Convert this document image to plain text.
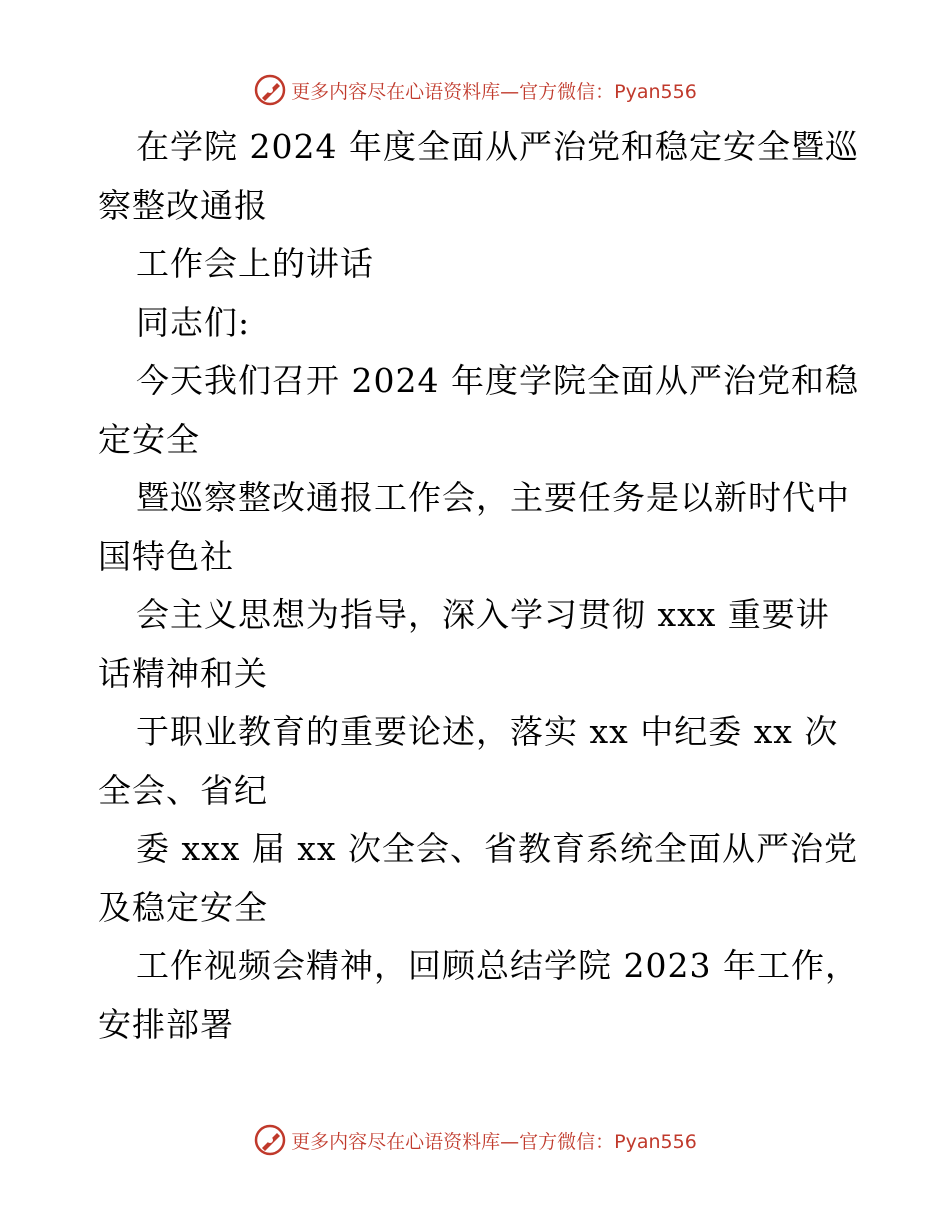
更多内容尽在心语资料库—官方微信：Pyan556
在学院 2024 年度全面从严治党和稳定安全暨巡
察整改通报
工作会上的讲话
同志们:
今天我们召开 2024 年度学院全面从严治党和稳
定安全
暨巡察整改通报工作会，主要任务是以新时代中
国特色社
会主义思想为指导，深入学习贯彻 xxx 重要讲
话精神和关
于职业教育的重要论述，落实 xx 中纪委 xx 次
全会、省纪
委 xxx 届 xx 次全会、省教育系统全面从严治党
及稳定安全
工作视频会精神，回顾总结学院 2023 年工作，
安排部署
更多内容尽在心语资料库—官方微信：Pyan556
